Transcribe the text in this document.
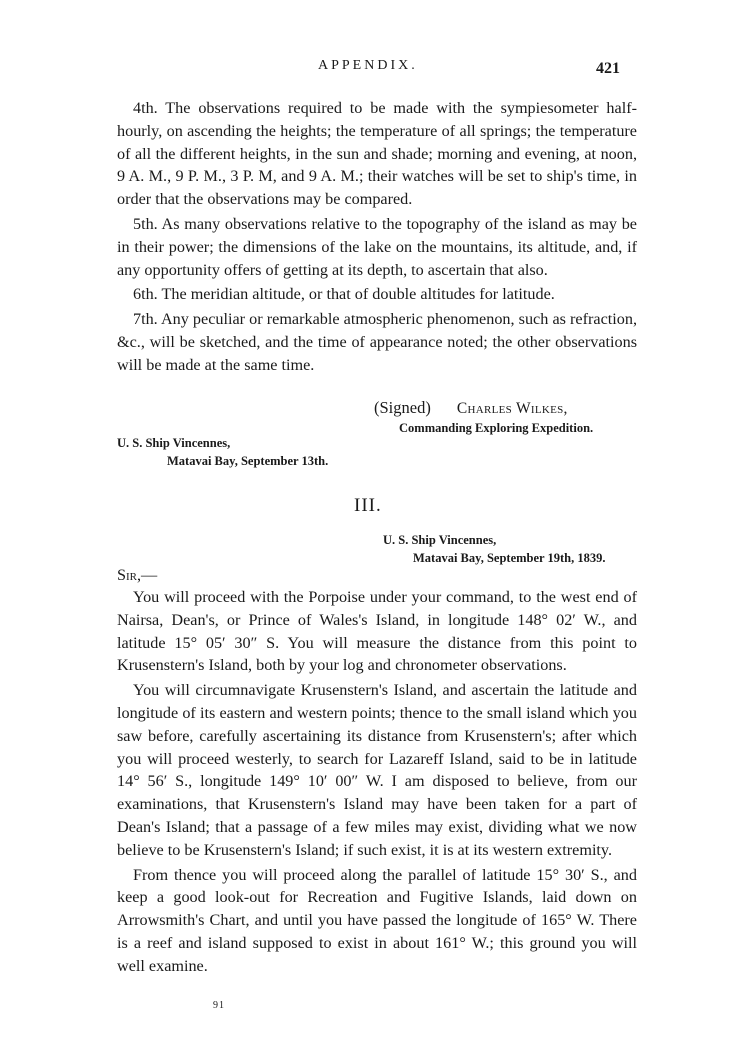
APPENDIX.	421

4th. The observations required to be made with the sympiesometer half-hourly, on ascending the heights; the temperature of all springs; the temperature of all the different heights, in the sun and shade; morning and evening, at noon, 9 A. M., 9 P. M., 3 P. M, and 9 A. M.; their watches will be set to ship's time, in order that the observations may be compared.

5th. As many observations relative to the topography of the island as may be in their power; the dimensions of the lake on the mountains, its altitude, and, if any opportunity offers of getting at its depth, to ascertain that also.

6th. The meridian altitude, or that of double altitudes for latitude.

7th. Any peculiar or remarkable atmospheric phenomenon, such as refraction, &c., will be sketched, and the time of appearance noted; the other observations will be made at the same time.

(Signed) Charles Wilkes,
Commanding Exploring Expedition.
U. S. Ship Vincennes,
Matavai Bay, September 13th.
III.
U. S. Ship Vincennes,
Matavai Bay, September 19th, 1839.
Sir,—

You will proceed with the Porpoise under your command, to the west end of Nairsa, Dean's, or Prince of Wales's Island, in longitude 148° 02′ W., and latitude 15° 05′ 30″ S. You will measure the distance from this point to Krusenstern's Island, both by your log and chronometer observations.

You will circumnavigate Krusenstern's Island, and ascertain the latitude and longitude of its eastern and western points; thence to the small island which you saw before, carefully ascertaining its distance from Krusenstern's; after which you will proceed westerly, to search for Lazareff Island, said to be in latitude 14° 56′ S., longitude 149° 10′ 00″ W. I am disposed to believe, from our examinations, that Krusenstern's Island may have been taken for a part of Dean's Island; that a passage of a few miles may exist, dividing what we now believe to be Krusenstern's Island; if such exist, it is at its western extremity.

From thence you will proceed along the parallel of latitude 15° 30′ S., and keep a good look-out for Recreation and Fugitive Islands, laid down on Arrowsmith's Chart, and until you have passed the longitude of 165° W. There is a reef and island supposed to exist in about 161° W.; this ground you will well examine.

91
